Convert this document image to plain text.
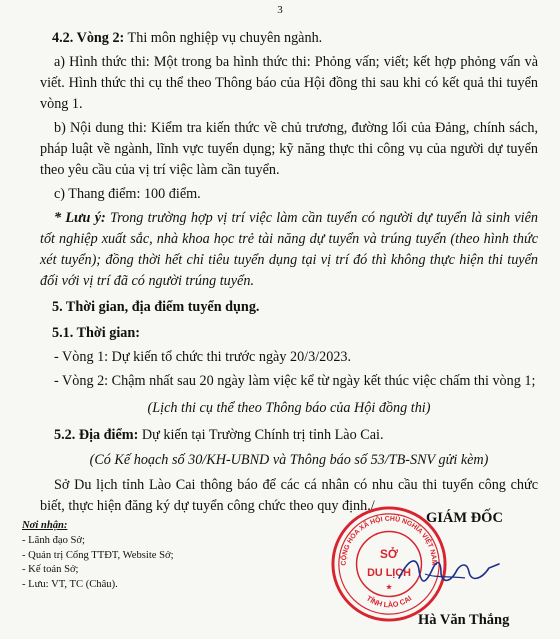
3

4.2. Vòng 2: Thi môn nghiệp vụ chuyên ngành.

a) Hình thức thi: Một trong ba hình thức thi: Phỏng vấn; viết; kết hợp phỏng vấn và viết. Hình thức thi cụ thể theo Thông báo của Hội đồng thi sau khi có kết quả thi tuyển vòng 1.

b) Nội dung thi: Kiểm tra kiến thức về chủ trương, đường lối của Đảng, chính sách, pháp luật về ngành, lĩnh vực tuyển dụng; kỹ năng thực thi công vụ của người dự tuyển theo yêu cầu của vị trí việc làm cần tuyển.

c) Thang điểm: 100 điểm.

* Lưu ý: Trong trường hợp vị trí việc làm cần tuyển có người dự tuyển là sinh viên tốt nghiệp xuất sắc, nhà khoa học trẻ tài năng dự tuyển và trúng tuyển (theo hình thức xét tuyển); đồng thời hết chỉ tiêu tuyển dụng tại vị trí đó thì không thực hiện thi tuyển đối với vị trí đã có người trúng tuyển.

5. Thời gian, địa điểm tuyển dụng.

5.1. Thời gian:

- Vòng 1: Dự kiến tổ chức thi trước ngày 20/3/2023.

- Vòng 2: Chậm nhất sau 20 ngày làm việc kể từ ngày kết thúc việc chấm thi vòng 1;

(Lịch thi cụ thể theo Thông báo của Hội đồng thi)

5.2. Địa điểm: Dự kiến tại Trường Chính trị tỉnh Lào Cai.

(Có Kế hoạch số 30/KH-UBND và Thông báo số 53/TB-SNV gửi kèm)

Sở Du lịch tỉnh Lào Cai thông báo để các cá nhân có nhu cầu thi tuyển công chức biết, thực hiện đăng ký dự tuyển công chức theo quy định./.

Nơi nhận:
- Lãnh đạo Sở;
- Quản trị Cổng TTĐT, Website Sở;
- Kế toán Sở;
- Lưu: VT, TC (Châu).
CỘNG HÒA XÃ HỘI CHỦ NGHĨA VIỆT NAM
TỈNH LÀO CAI
SỞ
DU LỊCH
★
GIÁM ĐỐC
Hà Văn Thắng
